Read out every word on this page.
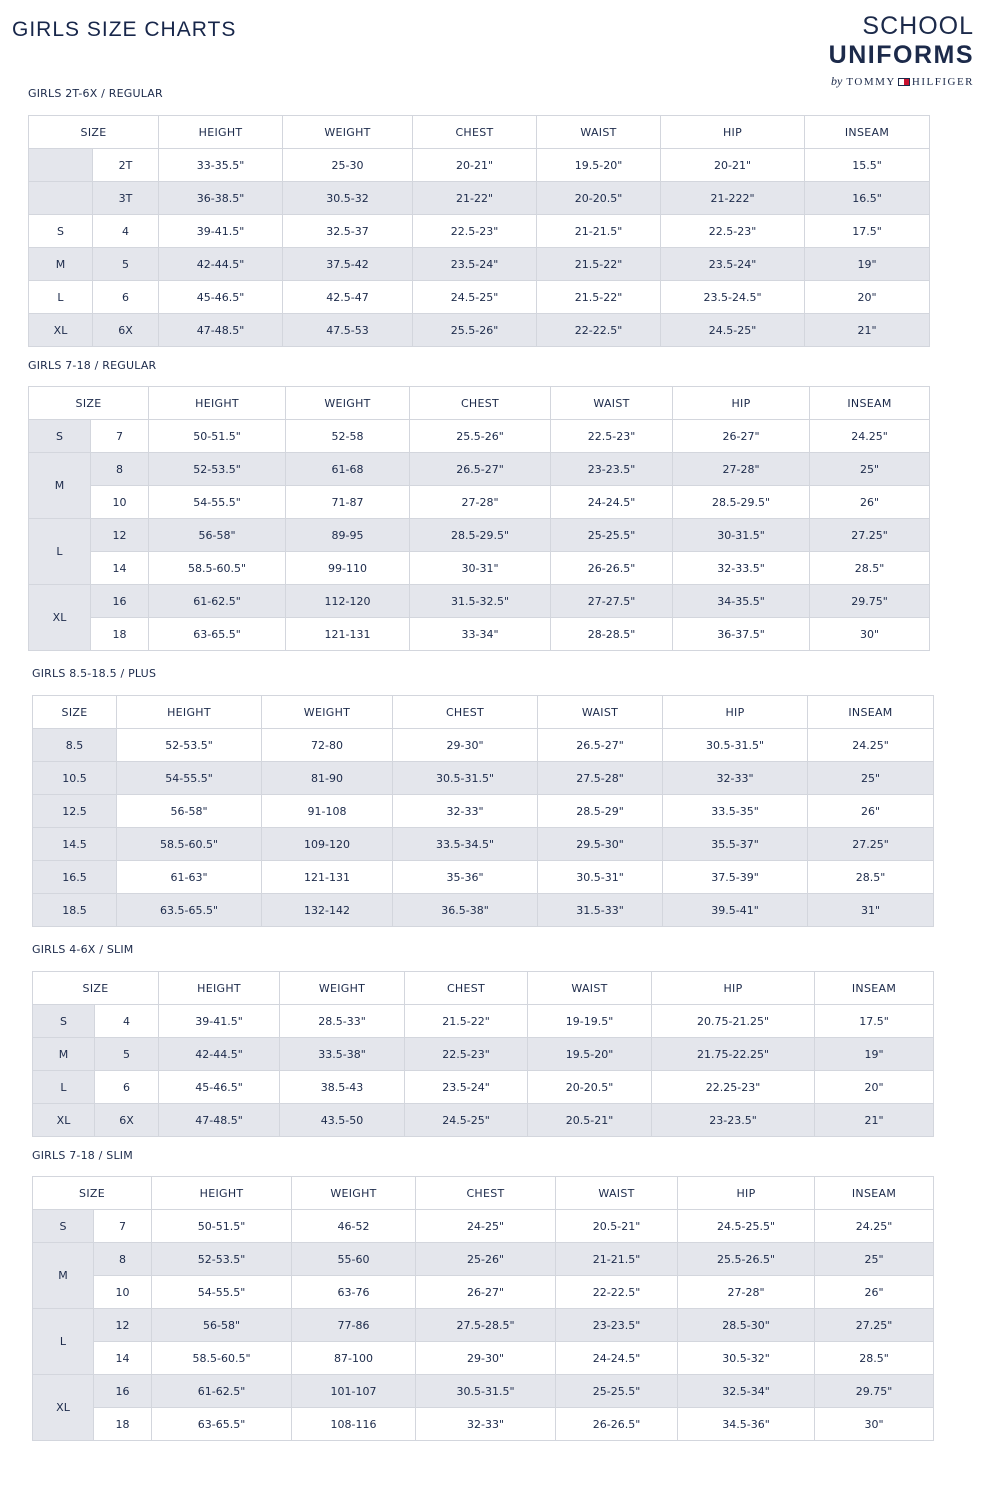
GIRLS SIZE CHARTS	SCHOOL
UNIFORMS
by TOMMY HILFIGER
GIRLS 2T-6X / REGULAR
SIZE		HEIGHT	WEIGHT	CHEST	WAIST	HIP	INSEAM
	2T	33-35.5"	25-30	20-21"	19.5-20"	20-21"	15.5"
	3T	36-38.5"	30.5-32	21-22"	20-20.5"	21-222"	16.5"
S	4	39-41.5"	32.5-37	22.5-23"	21-21.5"	22.5-23"	17.5"
M	5	42-44.5"	37.5-42	23.5-24"	21.5-22"	23.5-24"	19"
L	6	45-46.5"	42.5-47	24.5-25"	21.5-22"	23.5-24.5"	20"
XL	6X	47-48.5"	47.5-53	25.5-26"	22-22.5"	24.5-25"	21"
GIRLS 7-18 / REGULAR
SIZE		HEIGHT	WEIGHT	CHEST	WAIST	HIP	INSEAM
S	7	50-51.5"	52-58	25.5-26"	22.5-23"	26-27"	24.25"
M	8	52-53.5"	61-68	26.5-27"	23-23.5"	27-28"	25"
	10	54-55.5"	71-87	27-28"	24-24.5"	28.5-29.5"	26"
L	12	56-58"	89-95	28.5-29.5"	25-25.5"	30-31.5"	27.25"
	14	58.5-60.5"	99-110	30-31"	26-26.5"	32-33.5"	28.5"
XL	16	61-62.5"	112-120	31.5-32.5"	27-27.5"	34-35.5"	29.75"
	18	63-65.5"	121-131	33-34"	28-28.5"	36-37.5"	30"
GIRLS 8.5-18.5 / PLUS
SIZE	HEIGHT	WEIGHT	CHEST	WAIST	HIP	INSEAM
8.5	52-53.5"	72-80	29-30"	26.5-27"	30.5-31.5"	24.25"
10.5	54-55.5"	81-90	30.5-31.5"	27.5-28"	32-33"	25"
12.5	56-58"	91-108	32-33"	28.5-29"	33.5-35"	26"
14.5	58.5-60.5"	109-120	33.5-34.5"	29.5-30"	35.5-37"	27.25"
16.5	61-63"	121-131	35-36"	30.5-31"	37.5-39"	28.5"
18.5	63.5-65.5"	132-142	36.5-38"	31.5-33"	39.5-41"	31"
GIRLS 4-6X / SLIM
SIZE		HEIGHT	WEIGHT	CHEST	WAIST	HIP	INSEAM
S	4	39-41.5"	28.5-33"	21.5-22"	19-19.5"	20.75-21.25"	17.5"
M	5	42-44.5"	33.5-38"	22.5-23"	19.5-20"	21.75-22.25"	19"
L	6	45-46.5"	38.5-43	23.5-24"	20-20.5"	22.25-23"	20"
XL	6X	47-48.5"	43.5-50	24.5-25"	20.5-21"	23-23.5"	21"
GIRLS 7-18 / SLIM
SIZE		HEIGHT	WEIGHT	CHEST	WAIST	HIP	INSEAM
S	7	50-51.5"	46-52	24-25"	20.5-21"	24.5-25.5"	24.25"
M	8	52-53.5"	55-60	25-26"	21-21.5"	25.5-26.5"	25"
	10	54-55.5"	63-76	26-27"	22-22.5"	27-28"	26"
L	12	56-58"	77-86	27.5-28.5"	23-23.5"	28.5-30"	27.25"
	14	58.5-60.5"	87-100	29-30"	24-24.5"	30.5-32"	28.5"
XL	16	61-62.5"	101-107	30.5-31.5"	25-25.5"	32.5-34"	29.75"
	18	63-65.5"	108-116	32-33"	26-26.5"	34.5-36"	30"
